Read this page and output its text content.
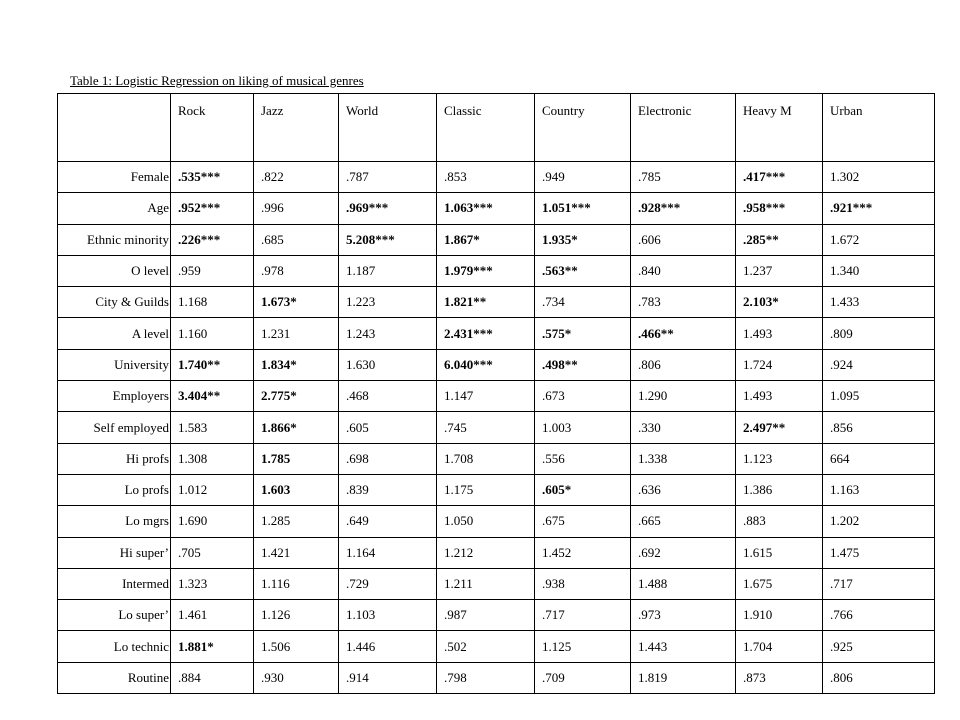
Table 1: Logistic Regression on liking of musical genres
	Rock	Jazz	World	Classic	Country	Electronic	Heavy M	Urban
Female	.535***	.822	.787	.853	.949	.785	.417***	1.302
Age	.952***	.996	.969***	1.063***	1.051***	.928***	.958***	.921***
Ethnic minority	.226***	.685	5.208***	1.867*	1.935*	.606	.285**	1.672
O level	.959	.978	1.187	1.979***	.563**	.840	1.237	1.340
City & Guilds	1.168	1.673*	1.223	1.821**	.734	.783	2.103*	1.433
A level	1.160	1.231	1.243	2.431***	.575*	.466**	1.493	.809
University	1.740**	1.834*	1.630	6.040***	.498**	.806	1.724	.924
Employers	3.404**	2.775*	.468	1.147	.673	1.290	1.493	1.095
Self employed	1.583	1.866*	.605	.745	1.003	.330	2.497**	.856
Hi profs	1.308	1.785	.698	1.708	.556	1.338	1.123	664
Lo profs	1.012	1.603	.839	1.175	.605*	.636	1.386	1.163
Lo mgrs	1.690	1.285	.649	1.050	.675	.665	.883	1.202
Hi super’	.705	1.421	1.164	1.212	1.452	.692	1.615	1.475
Intermed	1.323	1.116	.729	1.211	.938	1.488	1.675	.717
Lo super’	1.461	1.126	1.103	.987	.717	.973	1.910	.766
Lo technic	1.881*	1.506	1.446	.502	1.125	1.443	1.704	.925
Routine	.884	.930	.914	.798	.709	1.819	.873	.806
